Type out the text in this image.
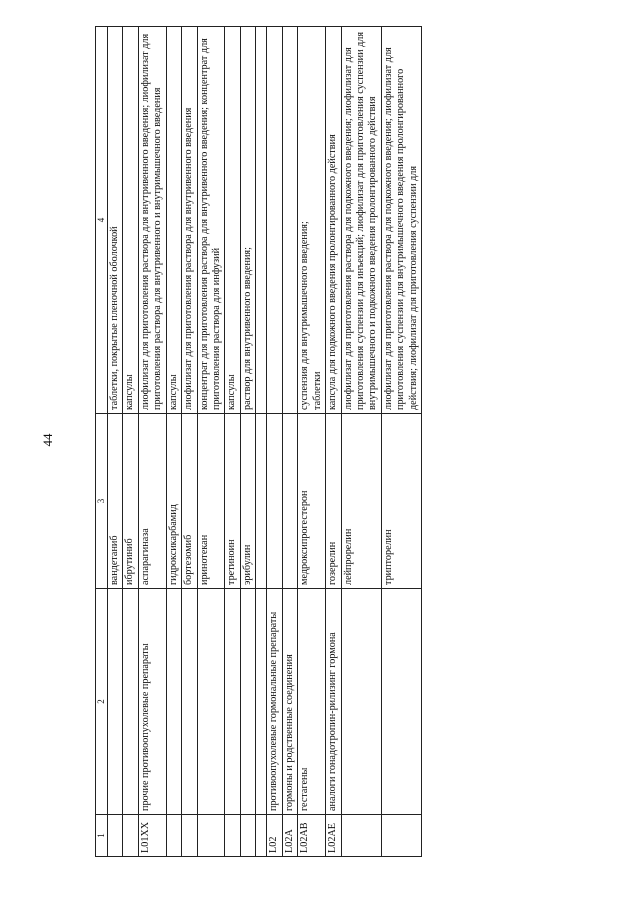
44
1	2	3	4
		вандетаниб	таблетки, покрытые пленочной оболочкой
		ибрутиниб	капсулы
L01XX	прочие противоопухолевые препараты	аспарагиназа	лиофилизат для приготовления раствора для внутривенного введения; лиофилизат для приготовления раствора для внутривенного и внутримышечного введения
		гидроксикарбамид	капсулы
		бортезомиб	лиофилизат для приготовления раствора для внутривенного введения
		иринотекан	концентрат для приготовления раствора для внутривенного введения; концентрат для приготовления раствора для инфузий
		третиноин	капсулы
		эрибулин	раствор для внутривенного введения;

L02	противоопухолевые гормональные препараты		
L02A	гормоны и родственные соединения		
L02AB	гестагены	медроксипрогестерон	суспензия для внутримышечного введения; таблетки

L02AE	аналоги гонадотропин-рилизинг гормона	гозерелин	капсула для подкожного введения пролонгированного действия
		лейпрорелин	лиофилизат для приготовления раствора для подкожного введения; лиофилизат для приготовления суспензии для инъекций; лиофилизат для приготовления суспензии для внутримышечного и подкожного введения пролонгированного действия
		трипторелин	лиофилизат для приготовления раствора для подкожного введения; лиофилизат для приготовления суспензии для внутримышечного введения пролонгированного действия; лиофилизат для приготовления суспензии для
